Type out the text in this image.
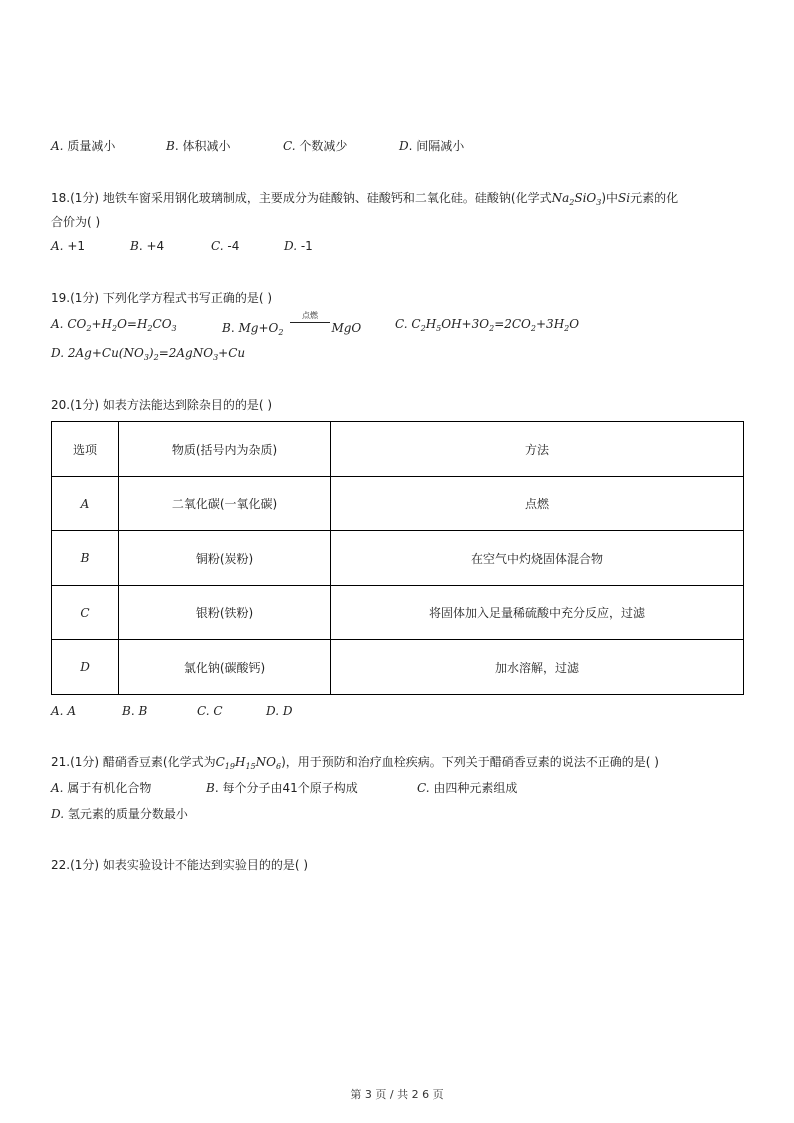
A. 质量减小	B. 体积减小	C. 个数减少	D. 间隔减小
18.(1分) 地铁车窗采用钢化玻璃制成，主要成分为硅酸钠、硅酸钙和二氧化硅。硅酸钠(化学式$Na_2SiO_3$)中Si元素的化
合价为( )
A. +1	B. +4	C. -4	D. -1
19.(1分) 下列化学方程式书写正确的是( )
A. $CO_2+H_2O=H_2CO_3$	B. $Mg+O_2$	MgO
点燃
C. $C_2H_5OH+3O_2=2CO_2+3H_2O$
D. $2Ag+Cu(NO_3)_2=2AgNO_3+Cu$
20.(1分) 如表方法能达到除杂目的的是( )
选项	物质(括号内为杂质)	方法
A	二氧化碳(一氧化碳)	点燃
B	铜粉(炭粉)	在空气中灼烧固体混合物
C	银粉(铁粉)	将固体加入足量稀硫酸中充分反应，过滤
D	氯化钠(碳酸钙)	加水溶解，过滤
A. A	B. B	C. C	D. D
21.(1分) 醋硝香豆素(化学式为$C_{19}H_{15}NO_6$)，用于预防和治疗血栓疾病。下列关于醋硝香豆素的说法不正确的是( )
A. 属于有机化合物	B. 每个分子由41个原子构成	C. 由四种元素组成
D. 氢元素的质量分数最小
22.(1分) 如表实验设计不能达到实验目的的是( )
第 3 页 / 共 2 6 页
